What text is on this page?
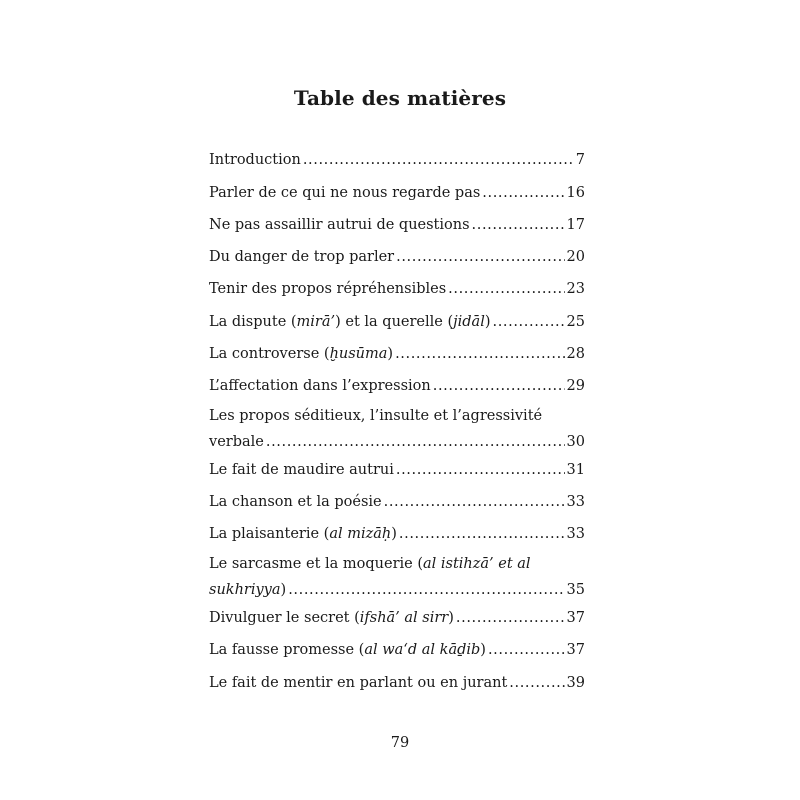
Table des matières
Introduction .....	7
Parler de ce qui ne nous regarde pas .....	16
Ne pas assaillir autrui de questions .....	17
Du danger de trop parler .....	20
Tenir des propos répréhensibles .....	23
La dispute (mirā’) et la querelle (jidāl) .....	25
La controverse (ḫusūma) .....	28
L’affectation dans l’expression .....	29
Les propos séditieux, l’insulte et l’agressivité
verbale .....	30
Le fait de maudire autrui .....	31
La chanson et la poésie .....	33
La plaisanterie (al mizāḥ) .....	33
Le sarcasme et la moquerie (al istihzā’ et al
sukhriyya) .....	35
Divulguer le secret (ifshā’ al sirr) .....	37
La fausse promesse (al wa‘d al kāḏib) .....	37
Le fait de mentir en parlant ou en jurant .....	39
79
